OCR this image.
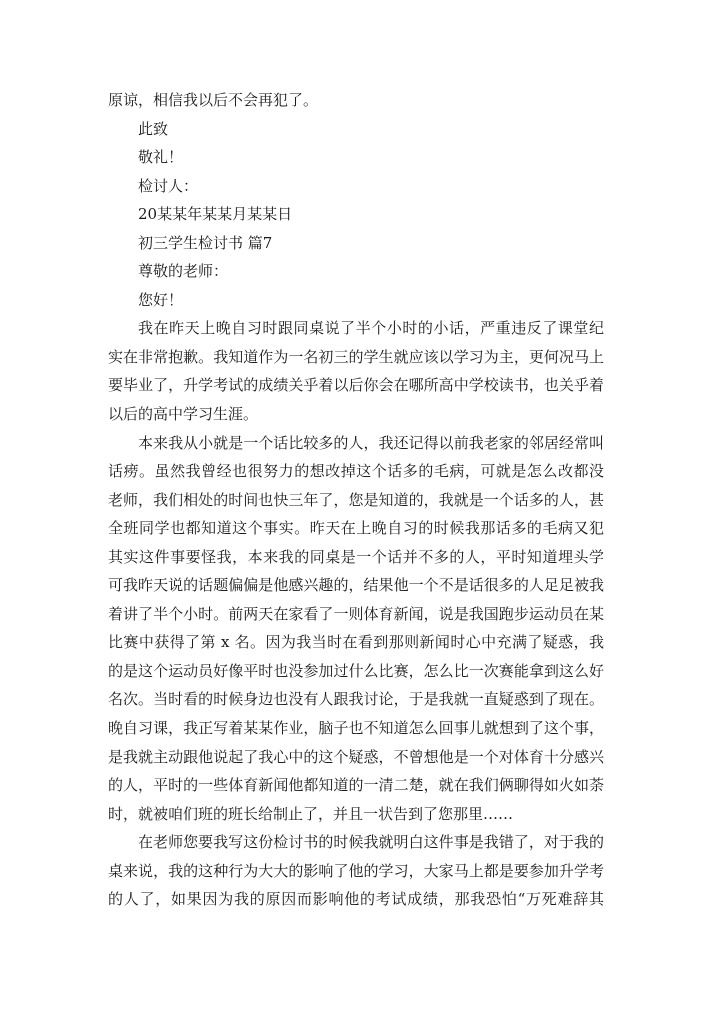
原谅，相信我以后不会再犯了。
此致
敬礼！
检讨人：
20某某年某某月某某日
初三学生检讨书 篇7
尊敬的老师：
您好！
我在昨天上晚自习时跟同桌说了半个小时的小话，严重违反了课堂纪
实在非常抱歉。我知道作为一名初三的学生就应该以学习为主，更何况马上
要毕业了，升学考试的成绩关乎着以后你会在哪所高中学校读书，也关乎着
以后的高中学习生涯。
本来我从小就是一个话比较多的人，我还记得以前我老家的邻居经常叫
话痨。虽然我曾经也很努力的想改掉这个话多的毛病，可就是怎么改都没
老师，我们相处的时间也快三年了，您是知道的，我就是一个话多的人，甚
全班同学也都知道这个事实。昨天在上晚自习的时候我那话多的毛病又犯
其实这件事要怪我，本来我的同桌是一个话并不多的人，平时知道埋头学
可我昨天说的话题偏偏是他感兴趣的，结果他一个不是话很多的人足足被我
着讲了半个小时。前两天在家看了一则体育新闻，说是我国跑步运动员在某
比赛中获得了第 x 名。因为我当时在看到那则新闻时心中充满了疑惑，我
的是这个运动员好像平时也没参加过什么比赛，怎么比一次赛能拿到这么好
名次。当时看的时候身边也没有人跟我讨论，于是我就一直疑惑到了现在。
晚自习课，我正写着某某作业，脑子也不知道怎么回事儿就想到了这个事，
是我就主动跟他说起了我心中的这个疑惑，不曾想他是一个对体育十分感兴
的人，平时的一些体育新闻他都知道的一清二楚，就在我们俩聊得如火如荼
时，就被咱们班的班长给制止了，并且一状告到了您那里……
在老师您要我写这份检讨书的时候我就明白这件事是我错了，对于我的
桌来说，我的这种行为大大的影响了他的学习，大家马上都是要参加升学考
的人了，如果因为我的原因而影响他的考试成绩，那我恐怕“万死难辞其
